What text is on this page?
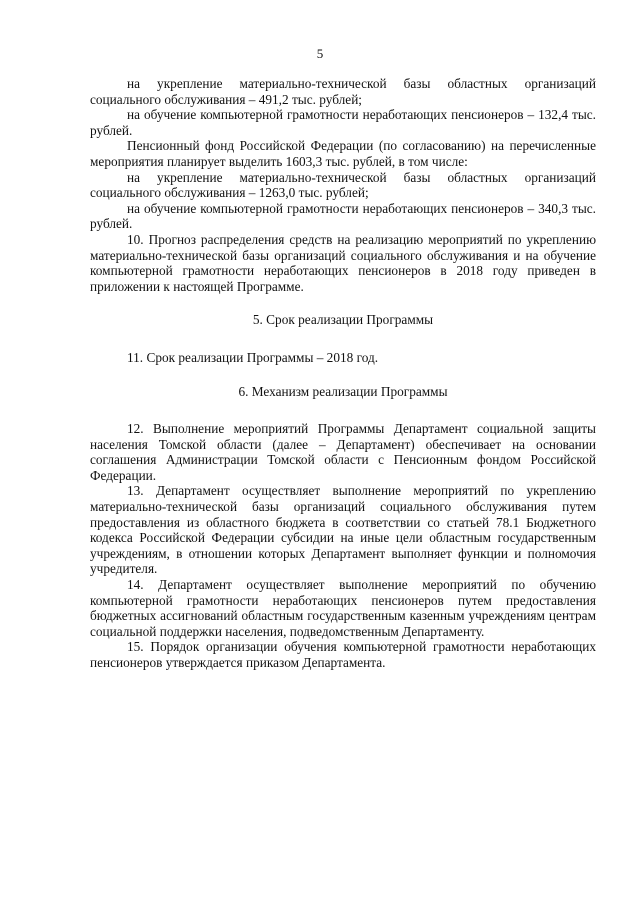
5

на укрепление материально-технической базы областных организаций социального обслуживания – 491,2 тыс. рублей;

на обучение компьютерной грамотности неработающих пенсионеров – 132,4 тыс. рублей.

Пенсионный фонд Российской Федерации (по согласованию) на перечисленные мероприятия планирует выделить 1603,3 тыс. рублей, в том числе:

на укрепление материально-технической базы областных организаций социального обслуживания – 1263,0 тыс. рублей;

на обучение компьютерной грамотности неработающих пенсионеров – 340,3 тыс. рублей.

10. Прогноз распределения средств на реализацию мероприятий по укреплению материально-технической базы организаций социального обслуживания и на обучение компьютерной грамотности неработающих пенсионеров в 2018 году приведен в приложении к настоящей Программе.

5. Срок реализации Программы

11. Срок реализации Программы – 2018 год.

6. Механизм реализации Программы

12. Выполнение мероприятий Программы Департамент социальной защиты населения Томской области (далее – Департамент) обеспечивает на основании соглашения Администрации Томской области с Пенсионным фондом Российской Федерации.

13. Департамент осуществляет выполнение мероприятий по укреплению материально-технической базы организаций социального обслуживания путем предоставления из областного бюджета в соответствии со статьей 78.1 Бюджетного кодекса Российской Федерации субсидии на иные цели областным государственным учреждениям, в отношении которых Департамент выполняет функции и полномочия учредителя.

14. Департамент осуществляет выполнение мероприятий по обучению компьютерной грамотности неработающих пенсионеров путем предоставления бюджетных ассигнований областным государственным казенным учреждениям центрам социальной поддержки населения, подведомственным Департаменту.

15. Порядок организации обучения компьютерной грамотности неработающих пенсионеров утверждается приказом Департамента.
